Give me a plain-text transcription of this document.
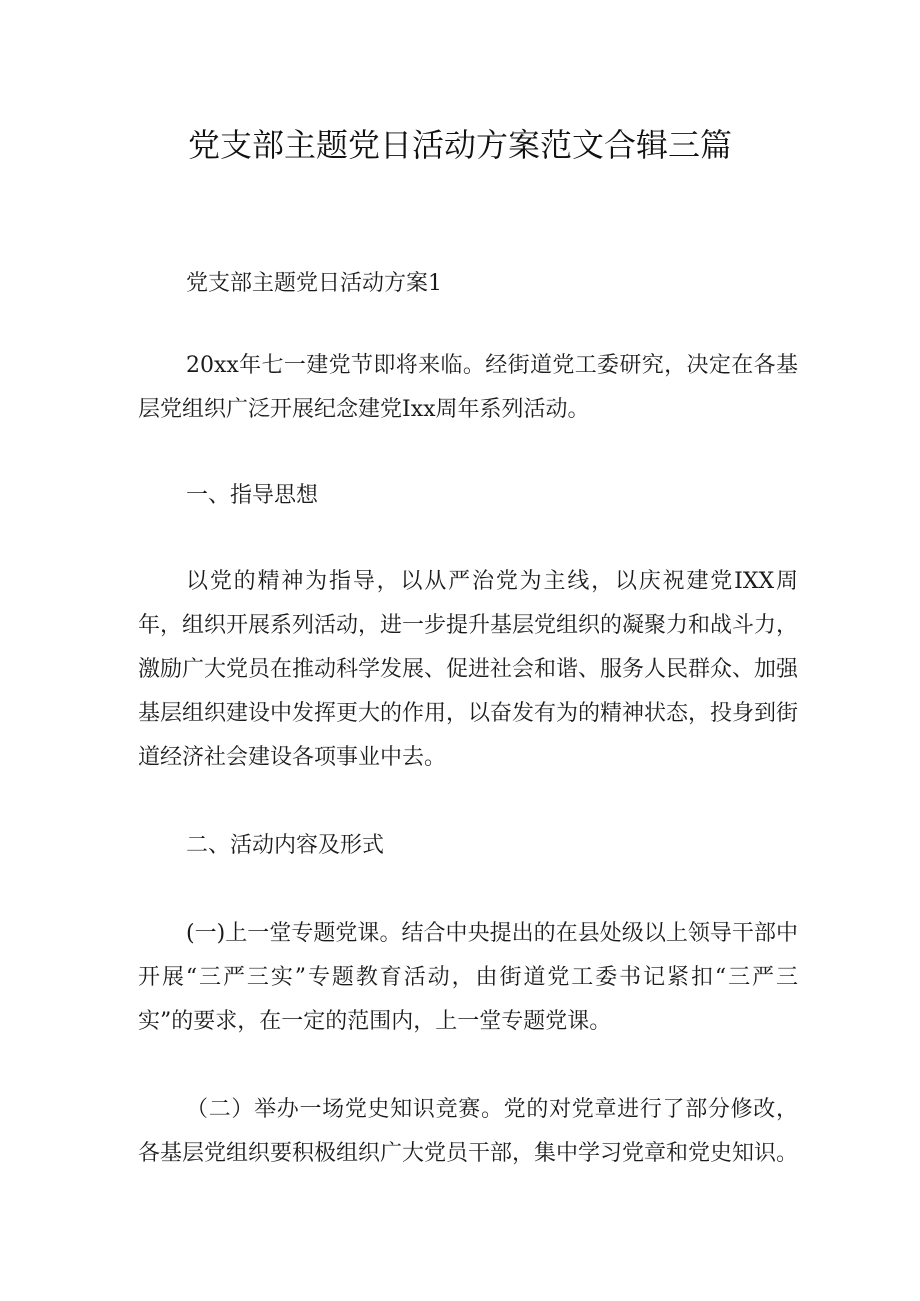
党支部主题党日活动方案范文合辑三篇

党支部主题党日活动方案1

20xx年七一建党节即将来临。经街道党工委研究，决定在各基层党组织广泛开展纪念建党Ixx周年系列活动。

一、指导思想

以党的精神为指导，以从严治党为主线，以庆祝建党IXX周年，组织开展系列活动，进一步提升基层党组织的凝聚力和战斗力，激励广大党员在推动科学发展、促进社会和谐、服务人民群众、加强基层组织建设中发挥更大的作用，以奋发有为的精神状态，投身到街道经济社会建设各项事业中去。

二、活动内容及形式

(一)上一堂专题党课。结合中央提出的在县处级以上领导干部中开展“三严三实”专题教育活动，由街道党工委书记紧扣“三严三实”的要求，在一定的范围内，上一堂专题党课。

（二）举办一场党史知识竞赛。党的对党章进行了部分修改，各基层党组织要积极组织广大党员干部，集中学习党章和党史知识。
